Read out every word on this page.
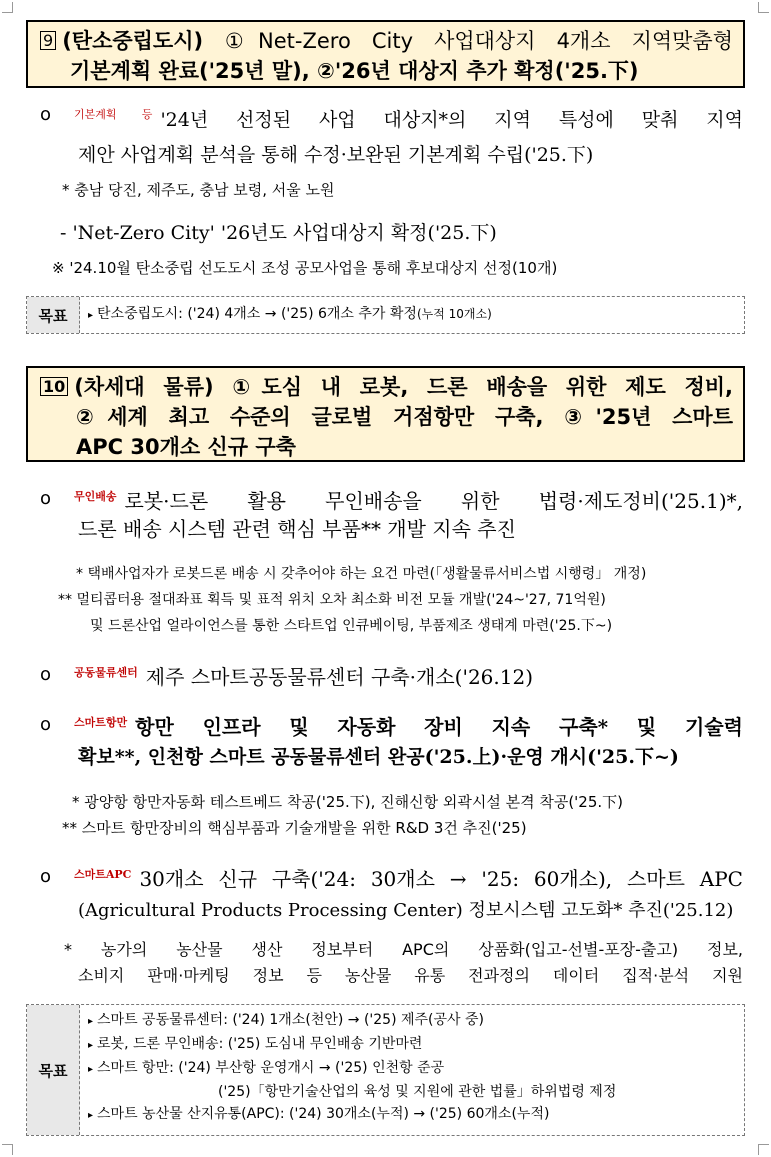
9 (탄소중립도시) ①Net-Zero City 사업대상지 4개소 지역맞춤형
기본계획 완료('25년 말), ②'26년 대상지 추가 확정('25.下)
o	$^{기본계획 등}$ '24년 선정된 사업 대상지*의 지역 특성에 맞춰 지역
제안 사업계획 분석을 통해 수정·보완된 기본계획 수립('25.下)
* 충남 당진, 제주도, 충남 보령, 서울 노원
- 'Net-Zero City' '26년도 사업대상지 확정('25.下)
※ '24.10월 탄소중립 선도도시 조성 공모사업을 통해 후보대상지 선정(10개)
목표	▸ 탄소중립도시: ('24) 4개소 → ('25) 6개소 추가 확정(누적 10개소)
10 (차세대 물류) ①도심 내 로봇, 드론 배송을 위한 제도 정비,
②세계 최고 수준의 글로벌 거점항만 구축, ③'25년 스마트
APC 30개소 신규 구축
o	$^{무인배송}$ 로봇·드론 활용 무인배송을 위한 법령·제도정비('25.1)*,
드론 배송 시스템 관련 핵심 부품** 개발 지속 추진
* 택배사업자가 로봇드론 배송 시 갖추어야 하는 요건 마련(「생활물류서비스법 시행령」 개정)
** 멀티콥터용 절대좌표 획득 및 표적 위치 오차 최소화 비전 모듈 개발('24~'27, 71억원)
및 드론산업 얼라이언스를 통한 스타트업 인큐베이팅, 부품제조 생태계 마련('25.下~)
o	$^{공동물류센터}$ 제주 스마트공동물류센터 구축·개소('26.12)
o	$^{스마트항만}$ 항만 인프라 및 자동화 장비 지속 구축* 및 기술력
확보**, 인천항 스마트 공동물류센터 완공('25.上)·운영 개시('25.下~)
* 광양항 항만자동화 테스트베드 착공('25.下), 진해신항 외곽시설 본격 착공('25.下)
** 스마트 항만장비의 핵심부품과 기술개발을 위한 R&D 3건 추진('25)
o	$^{스마트APC}$ 30개소 신규 구축('24: 30개소 → '25: 60개소), 스마트 APC
(Agricultural Products Processing Center) 정보시스템 고도화* 추진('25.12)
* 농가의 농산물 생산 정보부터 APC의 상품화(입고-선별-포장-출고) 정보,
소비지 판매·마케팅 정보 등 농산물 유통 전과정의 데이터 집적·분석 지원
목표
▸ 스마트 공동물류센터: ('24) 1개소(천안) → ('25) 제주(공사 중)
▸ 로봇, 드론 무인배송: ('25) 도심내 무인배송 기반마련
▸ 스마트 항만: ('24) 부산항 운영개시 → ('25) 인천항 준공
('25)「항만기술산업의 육성 및 지원에 관한 법률」하위법령 제정
▸ 스마트 농산물 산지유통(APC): ('24) 30개소(누적) → ('25) 60개소(누적)
